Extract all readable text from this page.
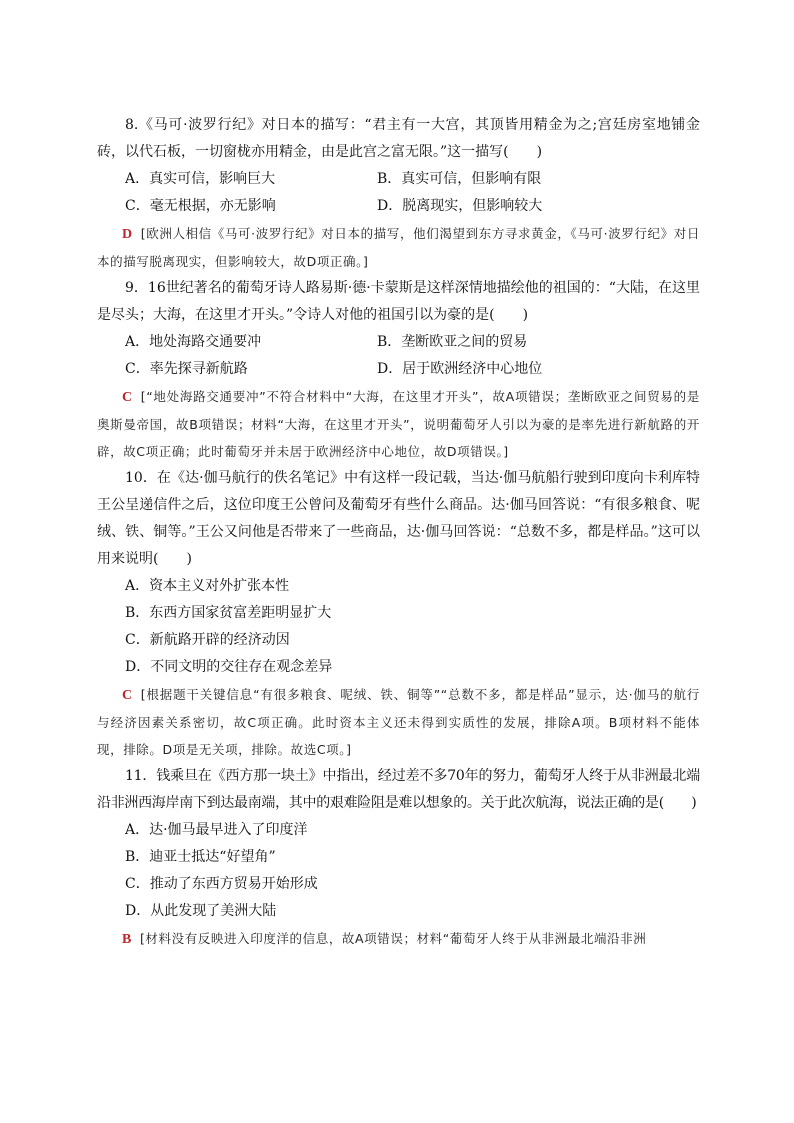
8.《马可·波罗行纪》对日本的描写：“君主有一大宫，其顶皆用精金为之;宫廷房室地铺金砖，以代石板，一切窗栊亦用精金，由是此宫之富无限。”这一描写(　　)

A．真实可信，影响巨大	B．真实可信，但影响有限
C．毫无根据，亦无影响	D．脱离现实，但影响较大

D [欧洲人相信《马可·波罗行纪》对日本的描写，他们渴望到东方寻求黄金，《马可·波罗行纪》对日本的描写脱离现实，但影响较大，故D项正确。]

9．16世纪著名的葡萄牙诗人路易斯·德·卡蒙斯是这样深情地描绘他的祖国的：“大陆，在这里是尽头；大海，在这里才开头。”令诗人对他的祖国引以为豪的是(　　)

A．地处海路交通要冲	B．垄断欧亚之间的贸易
C．率先探寻新航路	D．居于欧洲经济中心地位

C [“地处海路交通要冲”不符合材料中“大海，在这里才开头”，故A项错误；垄断欧亚之间贸易的是奥斯曼帝国，故B项错误；材料“大海，在这里才开头”，说明葡萄牙人引以为豪的是率先进行新航路的开辟，故C项正确；此时葡萄牙并未居于欧洲经济中心地位，故D项错误。]

10．在《达·伽马航行的佚名笔记》中有这样一段记载，当达·伽马航船行驶到印度向卡利库特王公呈递信件之后，这位印度王公曾问及葡萄牙有些什么商品。达·伽马回答说：“有很多粮食、呢绒、铁、铜等。”王公又问他是否带来了一些商品，达·伽马回答说：“总数不多，都是样品。”这可以用来说明(　　)

A．资本主义对外扩张本性
B．东西方国家贫富差距明显扩大
C．新航路开辟的经济动因
D．不同文明的交往存在观念差异

C [根据题干关键信息“有很多粮食、呢绒、铁、铜等”“总数不多，都是样品”显示，达·伽马的航行与经济因素关系密切，故C项正确。此时资本主义还未得到实质性的发展，排除A项。B项材料不能体现，排除。D项是无关项，排除。故选C项。]

11．钱乘旦在《西方那一块土》中指出，经过差不多70年的努力，葡萄牙人终于从非洲最北端沿非洲西海岸南下到达最南端，其中的艰难险阻是难以想象的。关于此次航海，说法正确的是(　　)

A．达·伽马最早进入了印度洋
B．迪亚士抵达“好望角”
C．推动了东西方贸易开始形成
D．从此发现了美洲大陆

B [材料没有反映进入印度洋的信息，故A项错误；材料“葡萄牙人终于从非洲最北端沿非洲
